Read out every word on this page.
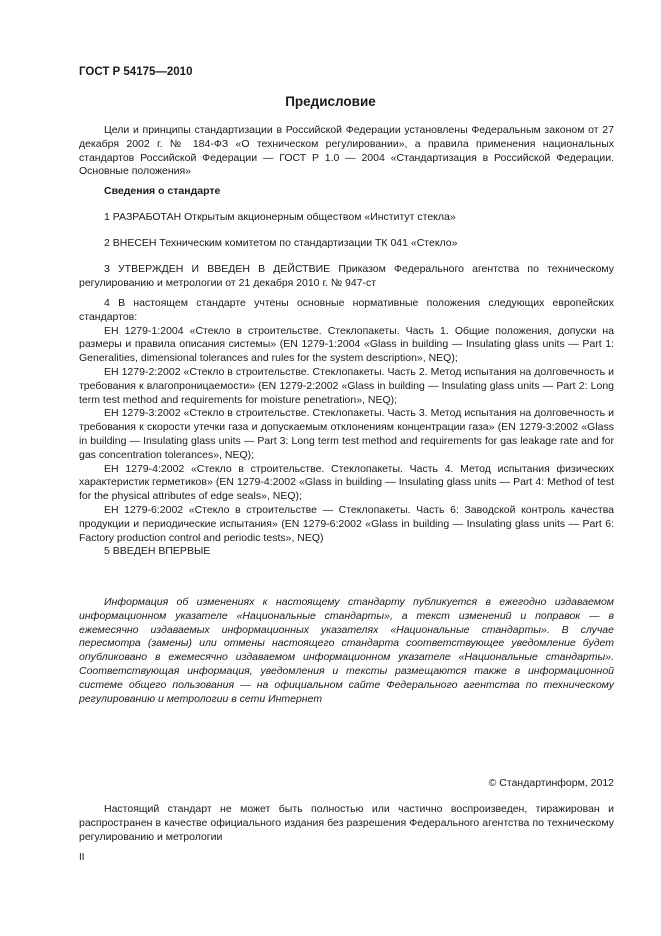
ГОСТ Р 54175—2010
Предисловие

Цели и принципы стандартизации в Российской Федерации установлены Федеральным законом от 27 декабря 2002 г. № 184-ФЗ «О техническом регулировании», а правила применения национальных стандартов Российской Федерации — ГОСТ Р 1.0 — 2004 «Стандартизация в Российской Федерации. Основные положения»

Сведения о стандарте

1 РАЗРАБОТАН Открытым акционерным обществом «Институт стекла»

2 ВНЕСЕН Техническим комитетом по стандартизации ТК 041 «Стекло»

3 УТВЕРЖДЕН И ВВЕДЕН В ДЕЙСТВИЕ Приказом Федерального агентства по техническому регулированию и метрологии от 21 декабря 2010 г. № 947-ст

4 В настоящем стандарте учтены основные нормативные положения следующих европейских стандартов:

ЕН 1279-1:2004 «Стекло в строительстве. Стеклопакеты. Часть 1. Общие положения, допуски на размеры и правила описания системы» (EN 1279-1:2004 «Glass in building — Insulating glass units — Part 1: Generalities, dimensional tolerances and rules for the system description», NEQ);

ЕН 1279-2:2002 «Стекло в строительстве. Стеклопакеты. Часть 2. Метод испытания на долговечность и требования к влагопроницаемости» (EN 1279-2:2002 «Glass in building — Insulating glass units — Part 2: Long term test method and requirements for moisture penetration», NEQ);

ЕН 1279-3:2002 «Стекло в строительстве. Стеклопакеты. Часть 3. Метод испытания на долговечность и требования к скорости утечки газа и допускаемым отклонениям концентрации газа» (EN 1279-3:2002 «Glass in building — Insulating glass units — Part 3: Long term test method and requirements for gas leakage rate and for gas concentration tolerances», NEQ);

ЕН 1279-4:2002 «Стекло в строительстве. Стеклопакеты. Часть 4. Метод испытания физических характеристик герметиков» (EN 1279-4:2002 «Glass in building — Insulating glass units — Part 4: Method of test for the physical attributes of edge seals», NEQ);

ЕН 1279-6:2002 «Стекло в строительстве — Стеклопакеты. Часть 6: Заводской контроль качества продукции и периодические испытания» (EN 1279-6:2002 «Glass in building — Insulating glass units — Part 6: Factory production control and periodic tests», NEQ)

5 ВВЕДЕН ВПЕРВЫЕ

Информация об изменениях к настоящему стандарту публикуется в ежегодно издаваемом информационном указателе «Национальные стандарты», а текст изменений и поправок — в ежемесячно издаваемых информационных указателях «Национальные стандарты». В случае пересмотра (замены) или отмены настоящего стандарта соответствующее уведомление будет опубликовано в ежемесячно издаваемом информационном указателе «Национальные стандарты». Соответствующая информация, уведомления и тексты размещаются также в информационной системе общего пользования — на официальном сайте Федерального агентства по техническому регулированию и метрологии в сети Интернет

© Стандартинформ, 2012

Настоящий стандарт не может быть полностью или частично воспроизведен, тиражирован и распространен в качестве официального издания без разрешения Федерального агентства по техническому регулированию и метрологии

II
